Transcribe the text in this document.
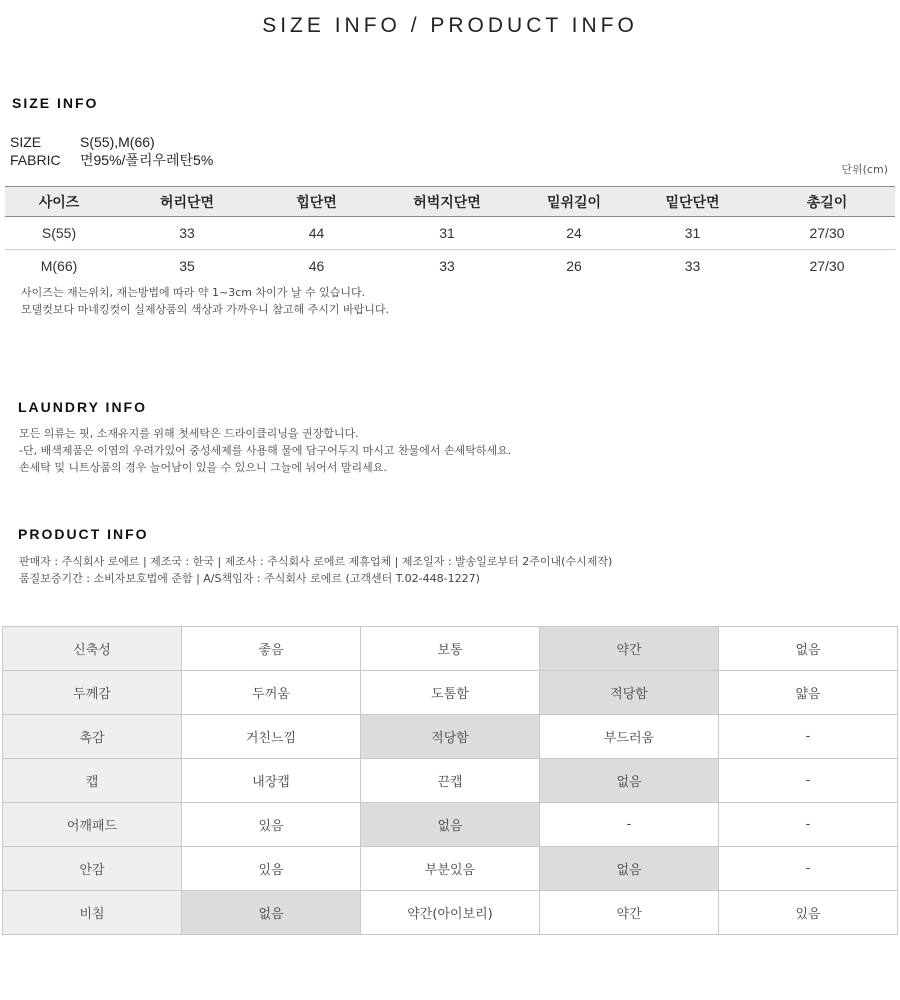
SIZE INFO / PRODUCT INFO
SIZE INFO
SIZE	S(55),M(66)
FABRIC 면95%/폴리우레탄5%
단위(cm)
사이즈	허리단면	힙단면	허벅지단면	밑위길이	밑단단면	총길이
S(55)	33	44	31	24	31	27/30
M(66)	35	46	33	26	33	27/30
사이즈는 재는위치, 재는방법에 따라 약 1~3cm 차이가 날 수 있습니다.
모델컷보다 마네킹컷이 실제상품의 색상과 가까우니 참고해 주시기 바랍니다.
LAUNDRY INFO
모든 의류는 핏, 소재유지를 위해 첫세탁은 드라이클리닝을 권장합니다.
-단, 배색제품은 이염의 우려가있어 중성세제를 사용해 물에 담구어두지 마시고 찬물에서 손세탁하세요.
손세탁 및 니트상품의 경우 늘어남이 있을 수 있으니 그늘에 뉘어서 말리세요.
PRODUCT INFO
판매자 : 주식회사 로에르 | 제조국 : 한국 | 제조사 : 주식회사 로에르 제휴업체 | 제조일자 : 발송일로부터 2주이내(수시제작)
품질보증기간 : 소비자보호법에 준함 | A/S책임자 : 주식회사 로에르 (고객센터 T.02-448-1227)
신축성	좋음	보통	약간	없음
두께감	두꺼움	도톰함	적당함	얇음
촉감	거친느낌	적당함	부드러움	-
캡	내장캡	끈캡	없음	-
어깨패드	있음	없음	-	-
안감	있음	부분있음	없음	-
비침	없음	약간(아이보리)	약간	있음
